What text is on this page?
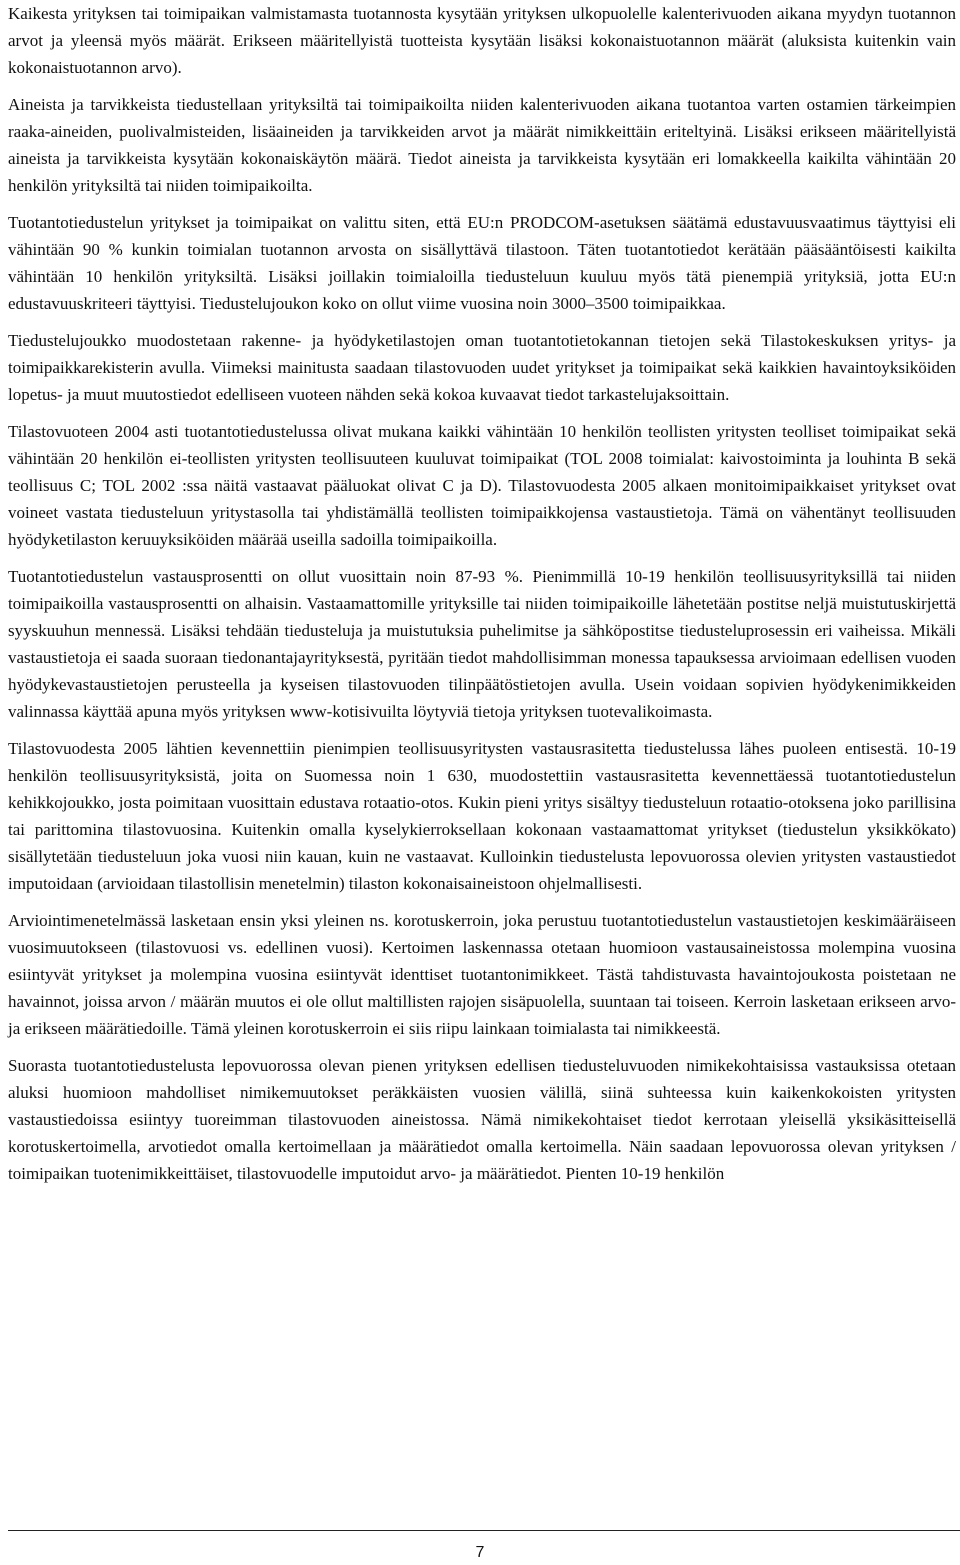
Kaikesta yrityksen tai toimipaikan valmistamasta tuotannosta kysytään yrityksen ulkopuolelle kalenterivuoden aikana myydyn tuotannon arvot ja yleensä myös määrät. Erikseen määritellyistä tuotteista kysytään lisäksi kokonaistuotannon määrät (aluksista kuitenkin vain kokonaistuotannon arvo).

Aineista ja tarvikkeista tiedustellaan yrityksiltä tai toimipaikoilta niiden kalenterivuoden aikana tuotantoa varten ostamien tärkeimpien raaka-aineiden, puolivalmisteiden, lisäaineiden ja tarvikkeiden arvot ja määrät nimikkeittäin eriteltyinä. Lisäksi erikseen määritellyistä aineista ja tarvikkeista kysytään kokonaiskäytön määrä. Tiedot aineista ja tarvikkeista kysytään eri lomakkeella kaikilta vähintään 20 henkilön yrityksiltä tai niiden toimipaikoilta.

Tuotantotiedustelun yritykset ja toimipaikat on valittu siten, että EU:n PRODCOM-asetuksen säätämä edustavuusvaatimus täyttyisi eli vähintään 90 % kunkin toimialan tuotannon arvosta on sisällyttävä tilastoon. Täten tuotantotiedot kerätään pääsääntöisesti kaikilta vähintään 10 henkilön yrityksiltä. Lisäksi joillakin toimialoilla tiedusteluun kuuluu myös tätä pienempiä yrityksiä, jotta EU:n edustavuuskriteeri täyttyisi. Tiedustelujoukon koko on ollut viime vuosina noin 3000–3500 toimipaikkaa.

Tiedustelujoukko muodostetaan rakenne- ja hyödyketilastojen oman tuotantotietokannan tietojen sekä Tilastokeskuksen yritys- ja toimipaikkarekisterin avulla. Viimeksi mainitusta saadaan tilastovuoden uudet yritykset ja toimipaikat sekä kaikkien havaintoyksiköiden lopetus- ja muut muutostiedot edelliseen vuoteen nähden sekä kokoa kuvaavat tiedot tarkastelujaksoittain.

Tilastovuoteen 2004 asti tuotantotiedustelussa olivat mukana kaikki vähintään 10 henkilön teollisten yritysten teolliset toimipaikat sekä vähintään 20 henkilön ei-teollisten yritysten teollisuuteen kuuluvat toimipaikat (TOL 2008 toimialat: kaivostoiminta ja louhinta B sekä teollisuus C; TOL 2002 :ssa näitä vastaavat pääluokat olivat C ja D). Tilastovuodesta 2005 alkaen monitoimipaikkaiset yritykset ovat voineet vastata tiedusteluun yritystasolla tai yhdistämällä teollisten toimipaikkojensa vastaustietoja. Tämä on vähentänyt teollisuuden hyödyketilaston keruuyksiköiden määrää useilla sadoilla toimipaikoilla.

Tuotantotiedustelun vastausprosentti on ollut vuosittain noin 87-93 %. Pienimmillä 10-19 henkilön teollisuusyrityksillä tai niiden toimipaikoilla vastausprosentti on alhaisin. Vastaamattomille yrityksille tai niiden toimipaikoille lähetetään postitse neljä muistutuskirjettä syyskuuhun mennessä. Lisäksi tehdään tiedusteluja ja muistutuksia puhelimitse ja sähköpostitse tiedusteluprosessin eri vaiheissa. Mikäli vastaustietoja ei saada suoraan tiedonantajayrityksestä, pyritään tiedot mahdollisimman monessa tapauksessa arvioimaan edellisen vuoden hyödykevastaustietojen perusteella ja kyseisen tilastovuoden tilinpäätöstietojen avulla. Usein voidaan sopivien hyödykenimikkeiden valinnassa käyttää apuna myös yrityksen www-kotisivuilta löytyviä tietoja yrityksen tuotevalikoimasta.

Tilastovuodesta 2005 lähtien kevennettiin pienimpien teollisuusyritysten vastausrasitetta tiedustelussa lähes puoleen entisestä. 10-19 henkilön teollisuusyrityksistä, joita on Suomessa noin 1 630, muodostettiin vastausrasitetta kevennettäessä tuotantotiedustelun kehikkojoukko, josta poimitaan vuosittain edustava rotaatio-otos. Kukin pieni yritys sisältyy tiedusteluun rotaatio-otoksena joko parillisina tai parittomina tilastovuosina. Kuitenkin omalla kyselykierroksellaan kokonaan vastaamattomat yritykset (tiedustelun yksikkökato) sisällytetään tiedusteluun joka vuosi niin kauan, kuin ne vastaavat. Kulloinkin tiedustelusta lepovuorossa olevien yritysten vastaustiedot imputoidaan (arvioidaan tilastollisin menetelmin) tilaston kokonaisaineistoon ohjelmallisesti.

Arviointimenetelmässä lasketaan ensin yksi yleinen ns. korotuskerroin, joka perustuu tuotantotiedustelun vastaustietojen keskimääräiseen vuosimuutokseen (tilastovuosi vs. edellinen vuosi). Kertoimen laskennassa otetaan huomioon vastausaineistossa molempina vuosina esiintyvät yritykset ja molempina vuosina esiintyvät identtiset tuotantonimikkeet. Tästä tahdistuvasta havaintojoukosta poistetaan ne havainnot, joissa arvon / määrän muutos ei ole ollut maltillisten rajojen sisäpuolella, suuntaan tai toiseen. Kerroin lasketaan erikseen arvo- ja erikseen määrätiedoille. Tämä yleinen korotuskerroin ei siis riipu lainkaan toimialasta tai nimikkeestä.

Suorasta tuotantotiedustelusta lepovuorossa olevan pienen yrityksen edellisen tiedusteluvuoden nimikekohtaisissa vastauksissa otetaan aluksi huomioon mahdolliset nimikemuutokset peräkkäisten vuosien välillä, siinä suhteessa kuin kaikenkokoisten yritysten vastaustiedoissa esiintyy tuoreimman tilastovuoden aineistossa. Nämä nimikekohtaiset tiedot kerrotaan yleisellä yksikäsitteisellä korotuskertoimella, arvotiedot omalla kertoimellaan ja määrätiedot omalla kertoimella. Näin saadaan lepovuorossa olevan yrityksen / toimipaikan tuotenimikkeittäiset, tilastovuodelle imputoidut arvo- ja määrätiedot. Pienten 10-19 henkilön

7
